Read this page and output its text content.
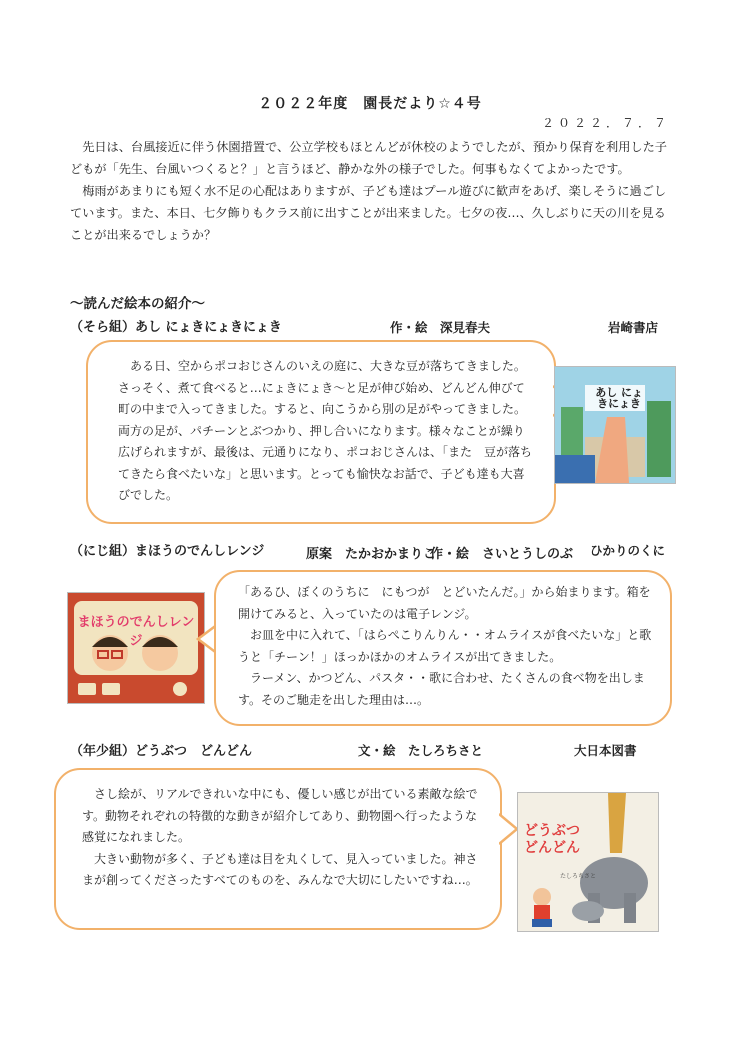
２０２２年度　園長だより☆４号
２０２２．７．７

先日は、台風接近に伴う休園措置で、公立学校もほとんどが休校のようでしたが、預かり保育を利用した子どもが「先生、台風いつくると？」と言うほど、静かな外の様子でした。何事もなくてよかったです。

梅雨があまりにも短く水不足の心配はありますが、子ども達はプール遊びに歓声をあげ、楽しそうに過ごしています。また、本日、七夕飾りもクラス前に出すことが出来ました。七夕の夜…、久しぶりに天の川を見ることが出来るでしょうか？

～読んだ絵本の紹介～
（そら組）あし にょきにょきにょき	作・絵　深見春夫	岩崎書店

ある日、空からポコおじさんのいえの庭に、大きな豆が落ちてきました。さっそく、煮て食べると…にょきにょき～と足が伸び始め、どんどん伸びて町の中まで入ってきました。すると、向こうから別の足がやってきました。両方の足が、パチーンとぶつかり、押し合いになります。様々なことが繰り広げられますが、最後は、元通りになり、ポコおじさんは、｢また　豆が落ちてきたら食べたいな」と思います。とっても愉快なお話で、子ども達も大喜びでした。

あし にょきにょき
（にじ組）まほうのでんしレンジ	原案　たかおかまりこ
作・絵　さいとうしのぶ ひかりのくに
まほうのでんしレンジ

「あるひ、ぼくのうちに　にもつが　とどいたんだ。」から始まります。箱を開けてみると、入っていたのは電子レンジ。

お皿を中に入れて、｢はらぺこりんりん・・オムライスが食べたいな」と歌うと「チーン！」ほっかほかのオムライスが出てきました。

ラーメン、かつどん、パスタ・・歌に合わせ、たくさんの食べ物を出します。そのご馳走を出した理由は…。

（年少組）どうぶつ　どんどん	文・絵　たしろちさと	大日本図書

さし絵が、リアルできれいな中にも、優しい感じが出ている素敵な絵です。動物それぞれの特徴的な動きが紹介してあり、動物園へ行ったような感覚になれました。

大きい動物が多く、子ども達は目を丸くして、見入っていました。神さまが創ってくださったすべてのものを、みんなで大切にしたいですね…。

どうぶつ どんどん
たしろちさと
